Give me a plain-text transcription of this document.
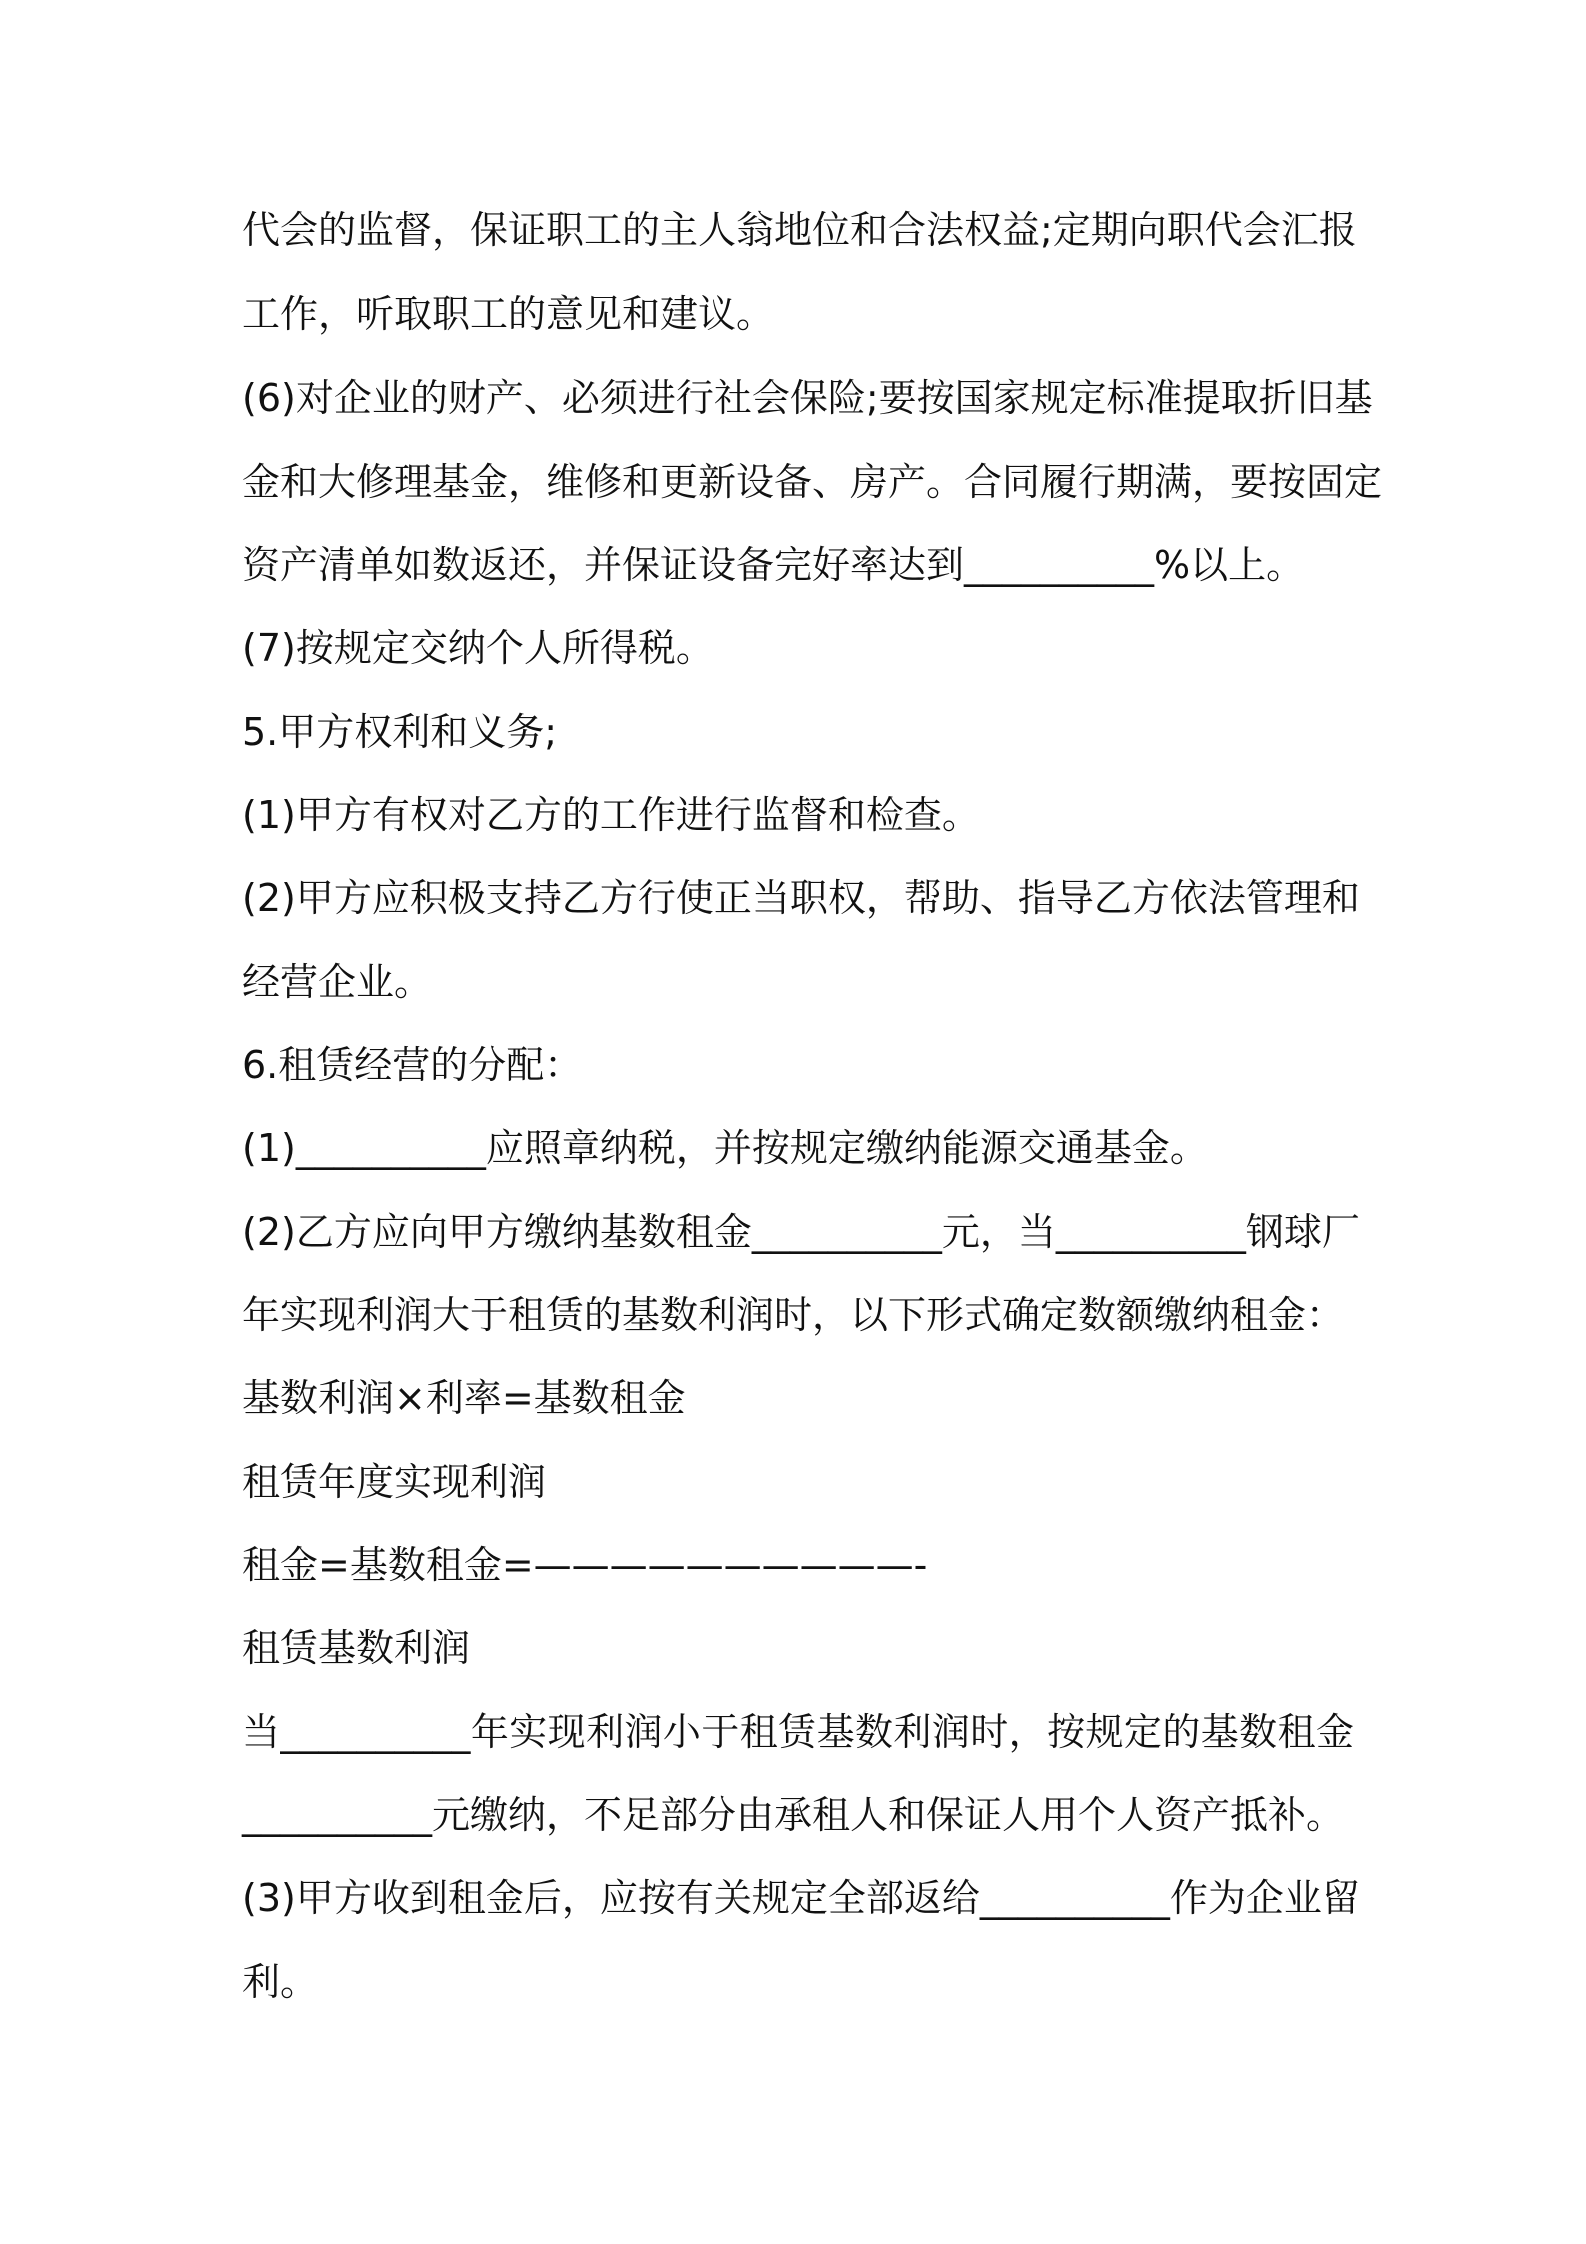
代会的监督，保证职工的主人翁地位和合法权益;定期向职代会汇报
工作，听取职工的意见和建议。
(6)对企业的财产、必须进行社会保险;要按国家规定标准提取折旧基
金和大修理基金，维修和更新设备、房产。合同履行期满，要按固定
资产清单如数返还，并保证设备完好率达到__________%以上。
(7)按规定交纳个人所得税。
5.甲方权利和义务;
(1)甲方有权对乙方的工作进行监督和检查。
(2)甲方应积极支持乙方行使正当职权，帮助、指导乙方依法管理和
经营企业。
6.租赁经营的分配：
(1)__________应照章纳税，并按规定缴纳能源交通基金。
(2)乙方应向甲方缴纳基数租金__________元，当__________钢球厂
年实现利润大于租赁的基数利润时，以下形式确定数额缴纳租金：
基数利润×利率=基数租金
租赁年度实现利润
租金=基数租金=——————————-
租赁基数利润
当__________年实现利润小于租赁基数利润时，按规定的基数租金
__________元缴纳，不足部分由承租人和保证人用个人资产抵补。
(3)甲方收到租金后，应按有关规定全部返给__________作为企业留
利。
